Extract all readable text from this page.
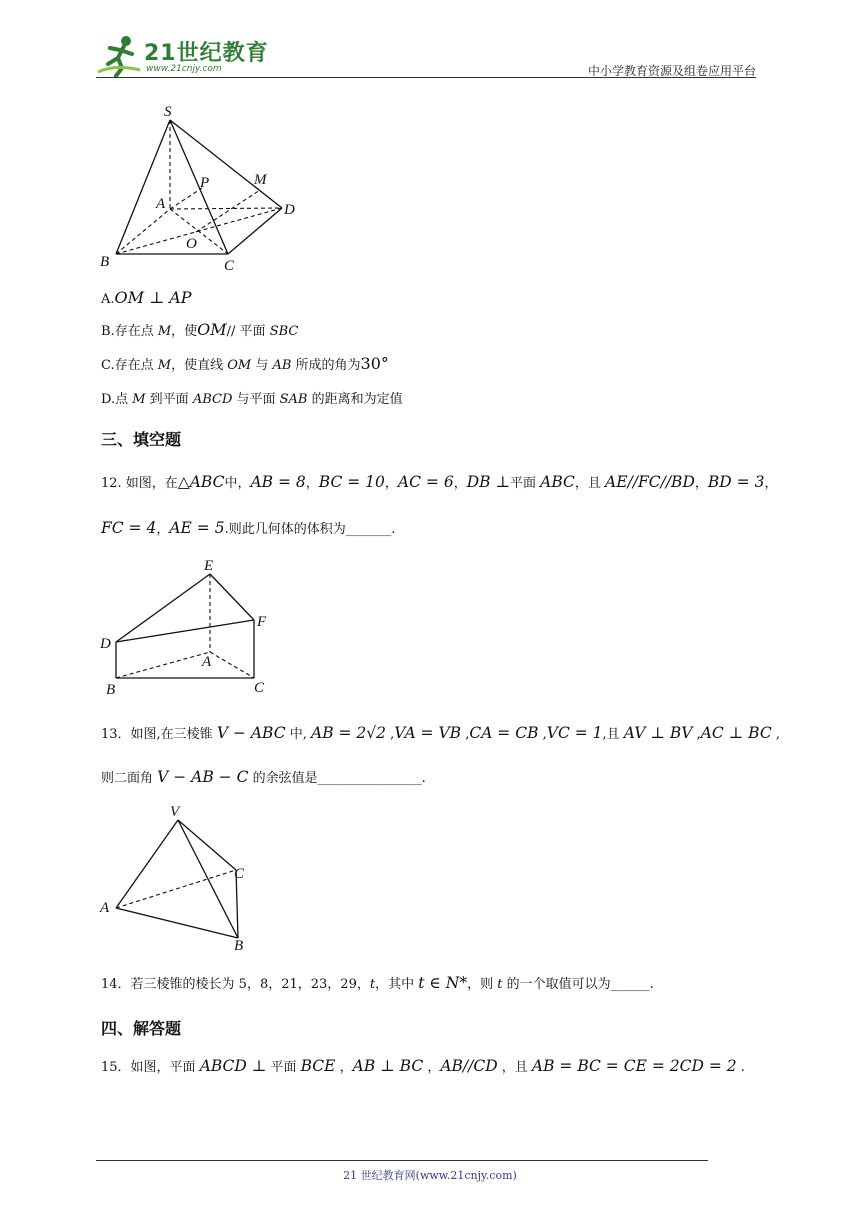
21世纪教育
www.21cnjy.com	中小学教育资源及组卷应用平台
S
P	M
A	D
O
B	C
A.OM ⊥ AP
B.存在点 M，使OM// 平面 SBC
C.存在点 M，使直线 OM 与 AB 所成的角为30°
D.点 M 到平面 ABCD 与平面 SAB 的距离和为定值
三、填空题
12. 如图，在△ABC中，AB = 8，BC = 10，AC = 6，DB ⊥平面 ABC，且 AE//FC//BD，BD = 3，
FC = 4，AE = 5.则此几何体的体积为_______.
E
F
D
A
B	C
13．如图,在三棱锥 V − ABC 中, AB = 2√2 ,VA = VB ,CA = CB ,VC = 1,且 AV ⊥ BV ,AC ⊥ BC ,
则二面角 V − AB − C 的余弦值是________________.
V
C
A
B
14．若三棱锥的棱长为 5，8，21，23，29，t，其中 t ∈ N*，则 t 的一个取值可以为______.
四、解答题
15．如图，平面 ABCD ⊥ 平面 BCE ，AB ⊥ BC ，AB//CD ，且 AB = BC = CE = 2CD = 2 .
21 世纪教育网(www.21cnjy.com)
